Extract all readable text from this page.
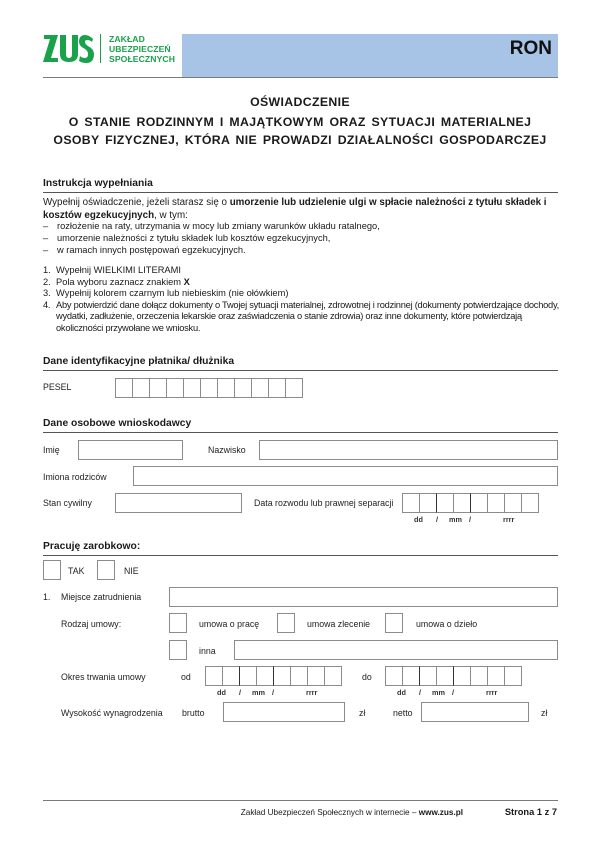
ZAKŁAD
UBEZPIECZEŃ
SPOŁECZNYCH	RON
OŚWIADCZENIE
O STANIE RODZINNYM I MAJĄTKOWYM ORAZ SYTUACJI MATERIALNEJ
OSOBY FIZYCZNEJ, KTÓRA NIE PROWADZI DZIAŁALNOŚCI GOSPODARCZEJ
Instrukcja wypełniania
Wypełnij oświadczenie, jeżeli starasz się o umorzenie lub udzielenie ulgi w spłacie należności z tytułu składek i kosztów egzekucyjnych, w tym:
– rozłożenie na raty, utrzymania w mocy lub zmiany warunków układu ratalnego,
– umorzenie należności z tytułu składek lub kosztów egzekucyjnych,
– w ramach innych postępowań egzekucyjnych.
1. Wypełnij WIELKIMI LITERAMI
2. Pola wyboru zaznacz znakiem X
3. Wypełnij kolorem czarnym lub niebieskim (nie ołówkiem)
4. Aby potwierdzić dane dołącz dokumenty o Twojej sytuacji materialnej, zdrowotnej i rodzinnej (dokumenty potwierdzające dochody, wydatki, zadłużenie, orzeczenia lekarskie oraz zaświadczenia o stanie zdrowia) oraz inne dokumenty, które potwierdzają okoliczności przywołane we wniosku.
Dane identyfikacyjne płatnika/ dłużnika
PESEL
Dane osobowe wnioskodawcy
Imię	Nazwisko
Imiona rodziców
Stan cywilny	Data rozwodu lub prawnej separacji
dd / mm /	rrrr
Pracuję zarobkowo:
TAK	NIE
1. Miejsce zatrudnienia
Rodzaj umowy:	umowa o pracę	umowa zlecenie	umowa o dzieło
inna
Okres trwania umowy	od
dd / mm /	rrrr
do
dd / mm /	rrrr
Wysokość wynagrodzenia brutto	zł	netto	zł
Zakład Ubezpieczeń Społecznych w internecie – www.zus.pl	Strona 1 z 7
